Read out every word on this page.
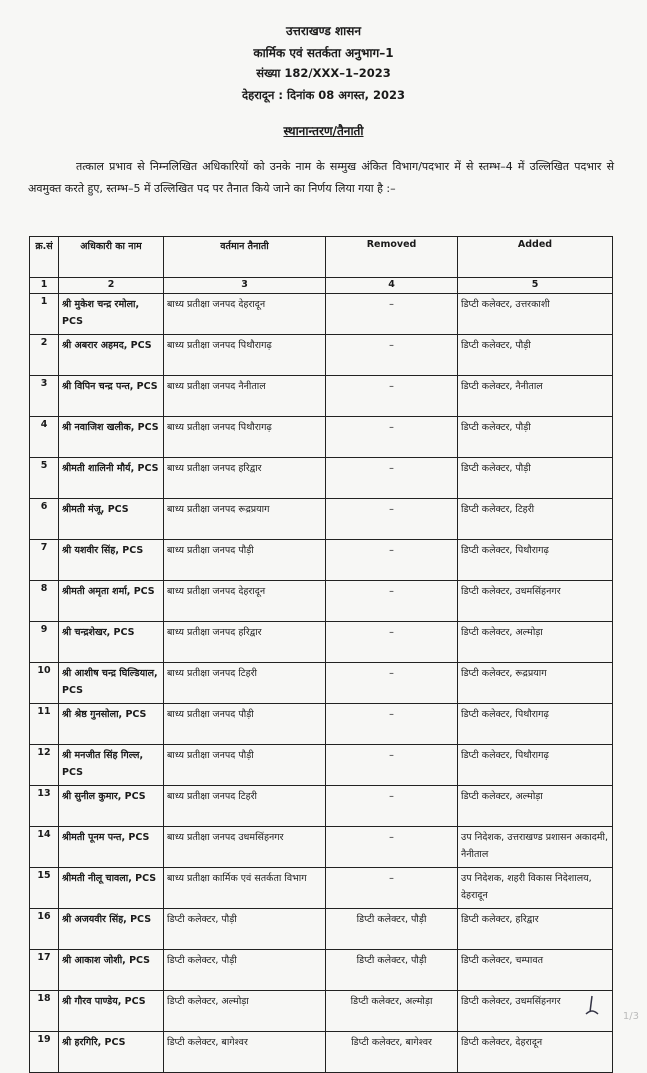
उत्तराखण्ड शासन
कार्मिक एवं सतर्कता अनुभाग–1
संख्या 182/XXX–1–2023
देहरादून : दिनांक 08 अगस्त, 2023
स्थानान्तरण/तैनाती
तत्काल प्रभाव से निम्नलिखित अधिकारियों को उनके नाम के सम्मुख अंकित विभाग/पदभार में से स्तम्भ–4 में उल्लिखित पदभार से अवमुक्त करते हुए, स्तम्भ–5 में उल्लिखित पद पर तैनात किये जाने का निर्णय लिया गया है :–
क्र.सं	अधिकारी का नाम	वर्तमान तैनाती	Removed	Added
1	2	3	4	5
1	श्री मुकेश चन्द्र रमोला, PCS	बाध्य प्रतीक्षा जनपद देहरादून	–	डिप्टी कलेक्टर, उत्तरकाशी
2	श्री अबरार अहमद, PCS	बाध्य प्रतीक्षा जनपद पिथौरागढ़	–	डिप्टी कलेक्टर, पौड़ी
3	श्री विपिन चन्द्र पन्त, PCS	बाध्य प्रतीक्षा जनपद नैनीताल	–	डिप्टी कलेक्टर, नैनीताल
4	श्री नवाजिश खलीक, PCS	बाध्य प्रतीक्षा जनपद पिथौरागढ़	–	डिप्टी कलेक्टर, पौड़ी
5	श्रीमती शालिनी मौर्य, PCS	बाध्य प्रतीक्षा जनपद हरिद्वार	–	डिप्टी कलेक्टर, पौड़ी
6	श्रीमती मंजू, PCS	बाध्य प्रतीक्षा जनपद रूद्रप्रयाग	–	डिप्टी कलेक्टर, टिहरी
7	श्री यशवीर सिंह, PCS	बाध्य प्रतीक्षा जनपद पौड़ी	–	डिप्टी कलेक्टर, पिथौरागढ़
8	श्रीमती अमृता शर्मा, PCS	बाध्य प्रतीक्षा जनपद देहरादून	–	डिप्टी कलेक्टर, उधमसिंहनगर
9	श्री चन्द्रशेखर, PCS	बाध्य प्रतीक्षा जनपद हरिद्वार	–	डिप्टी कलेक्टर, अल्मोड़ा
10	श्री आशीष चन्द्र घिल्डियाल, PCS	बाध्य प्रतीक्षा जनपद टिहरी	–	डिप्टी कलेक्टर, रूद्रप्रयाग
11	श्री श्रेष्ठ गुनसोला, PCS	बाध्य प्रतीक्षा जनपद पौड़ी	–	डिप्टी कलेक्टर, पिथौरागढ़
12	श्री मनजीत सिंह गिल्ल, PCS	बाध्य प्रतीक्षा जनपद पौड़ी	–	डिप्टी कलेक्टर, पिथौरागढ़
13	श्री सुनील कुमार, PCS	बाध्य प्रतीक्षा जनपद टिहरी	–	डिप्टी कलेक्टर, अल्मोड़ा
14	श्रीमती पूनम पन्त, PCS	बाध्य प्रतीक्षा जनपद उधमसिंहनगर	–	उप निदेशक, उत्तराखण्ड प्रशासन अकादमी, नैनीताल
15	श्रीमती नीलू चावला, PCS	बाध्य प्रतीक्षा कार्मिक एवं सतर्कता विभाग	–	उप निदेशक, शहरी विकास निदेशालय, देहरादून
16	श्री अजयवीर सिंह, PCS	डिप्टी कलेक्टर, पौड़ी	डिप्टी कलेक्टर, पौड़ी	डिप्टी कलेक्टर, हरिद्वार
17	श्री आकाश जोशी, PCS	डिप्टी कलेक्टर, पौड़ी	डिप्टी कलेक्टर, पौड़ी	डिप्टी कलेक्टर, चम्पावत
18	श्री गौरव पाण्डेय, PCS	डिप्टी कलेक्टर, अल्मोड़ा	डिप्टी कलेक्टर, अल्मोड़ा	डिप्टी कलेक्टर, उधमसिंहनगर
19	श्री हरगिरि, PCS	डिप्टी कलेक्टर, बागेश्वर	डिप्टी कलेक्टर, बागेश्वर	डिप्टी कलेक्टर, देहरादून
1/3
